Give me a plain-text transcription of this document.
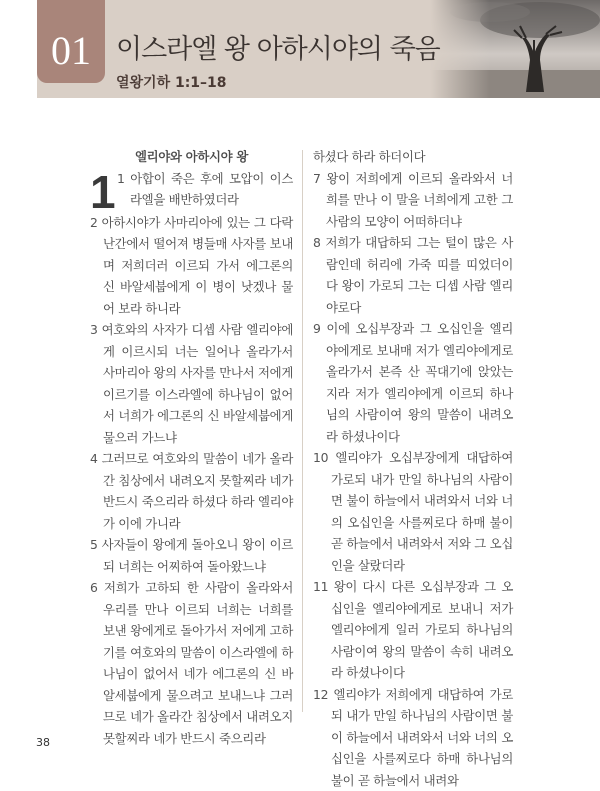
01 이스라엘 왕 아하시야의 죽음
열왕기하 1:1–18
엘리야와 아하시야 왕
1 1 아합이 죽은 후에 모압이 이스라엘을 배반하였더라

2 아하시야가 사마리아에 있는 그 다락 난간에서 떨어져 병들매 사자를 보내며 저희더러 이르되 가서 에그론의 신 바알세붑에게 이 병이 낫겠나 물어 보라 하니라

3 여호와의 사자가 디셉 사람 엘리야에게 이르시되 너는 일어나 올라가서 사마리아 왕의 사자를 만나서 저에게 이르기를 이스라엘에 하나님이 없어서 너희가 에그론의 신 바알세붑에게 물으러 가느냐

4 그러므로 여호와의 말씀이 네가 올라간 침상에서 내려오지 못할찌라 네가 반드시 죽으리라 하셨다 하라 엘리야가 이에 가니라

5 사자들이 왕에게 돌아오니 왕이 이르되 너희는 어찌하여 돌아왔느냐

6 저희가 고하되 한 사람이 올라와서 우리를 만나 이르되 너희는 너희를 보낸 왕에게로 돌아가서 저에게 고하기를 여호와의 말씀이 이스라엘에 하나님이 없어서 네가 에그론의 신 바알세붑에게 물으려고 보내느냐 그러므로 네가 올라간 침상에서 내려오지 못할찌라 네가 반드시 죽으리라

하셨다 하라 하더이다

7 왕이 저희에게 이르되 올라와서 너희를 만나 이 말을 너희에게 고한 그 사람의 모양이 어떠하더냐

8 저희가 대답하되 그는 털이 많은 사람인데 허리에 가죽 띠를 띠었더이다 왕이 가로되 그는 디셉 사람 엘리야로다

9 이에 오십부장과 그 오십인을 엘리야에게로 보내매 저가 엘리야에게로 올라가서 본즉 산 꼭대기에 앉았는지라 저가 엘리야에게 이르되 하나님의 사람이여 왕의 말씀이 내려오라 하셨나이다

10 엘리야가 오십부장에게 대답하여 가로되 내가 만일 하나님의 사람이면 불이 하늘에서 내려와서 너와 너의 오십인을 사를찌로다 하매 불이 곧 하늘에서 내려와서 저와 그 오십인을 살랐더라

11 왕이 다시 다른 오십부장과 그 오십인을 엘리야에게로 보내니 저가 엘리야에게 일러 가로되 하나님의 사람이여 왕의 말씀이 속히 내려오라 하셨나이다

12 엘리야가 저희에게 대답하여 가로되 내가 만일 하나님의 사람이면 불이 하늘에서 내려와서 너와 너의 오십인을 사를찌로다 하매 하나님의 불이 곧 하늘에서 내려와

38
